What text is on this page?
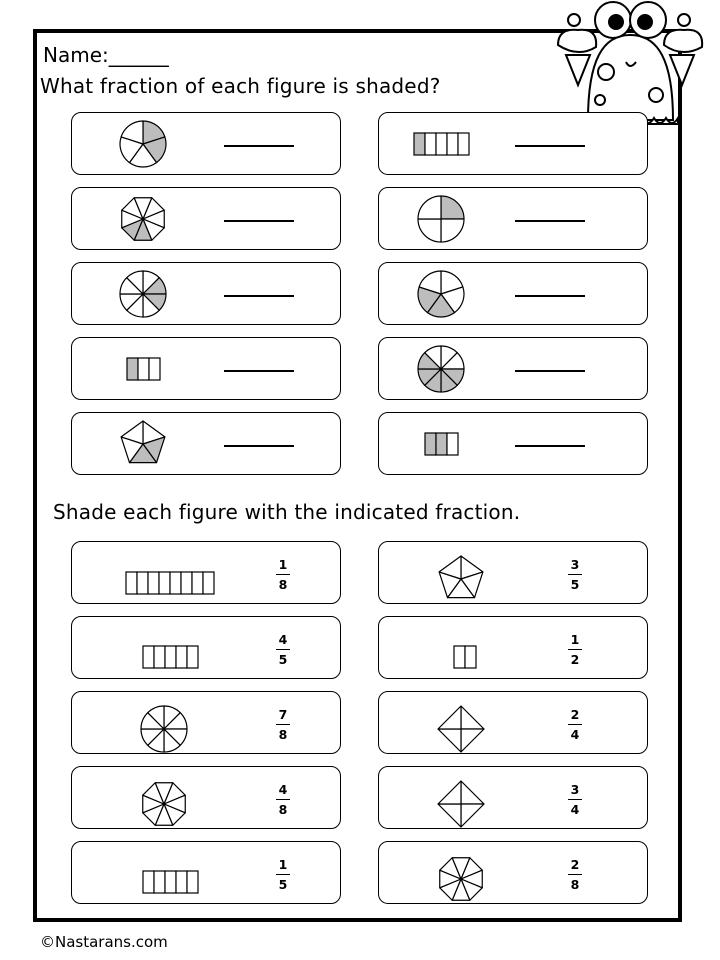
Name:______
What fraction of each figure is shaded?
Shade each figure with the indicated fraction.
©Nastarans.com
1
8
3
5
4
5
1
2
7
8
2
4
4
8
3
4
1
5
2
8
